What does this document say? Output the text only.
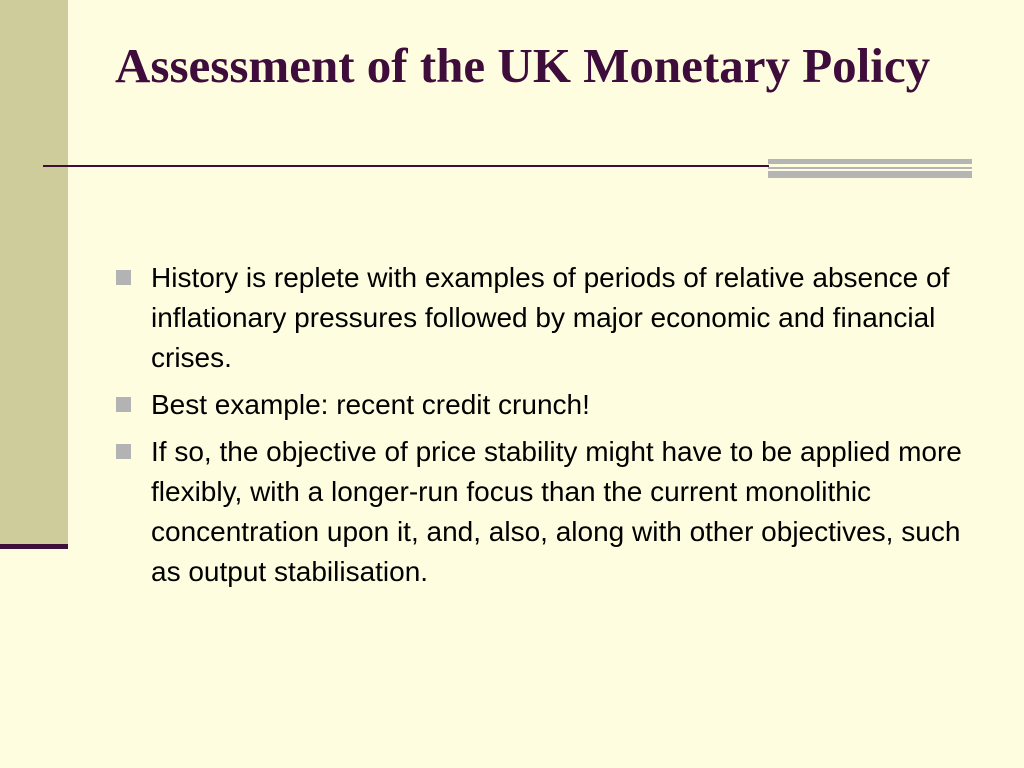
Assessment of the UK Monetary Policy
History is replete with examples of periods of relative absence of inflationary pressures followed by major economic and financial crises.
Best example: recent credit crunch!
If so, the objective of price stability might have to be applied more flexibly, with a longer-run focus than the current monolithic concentration upon it, and, also, along with other objectives, such as output stabilisation.
